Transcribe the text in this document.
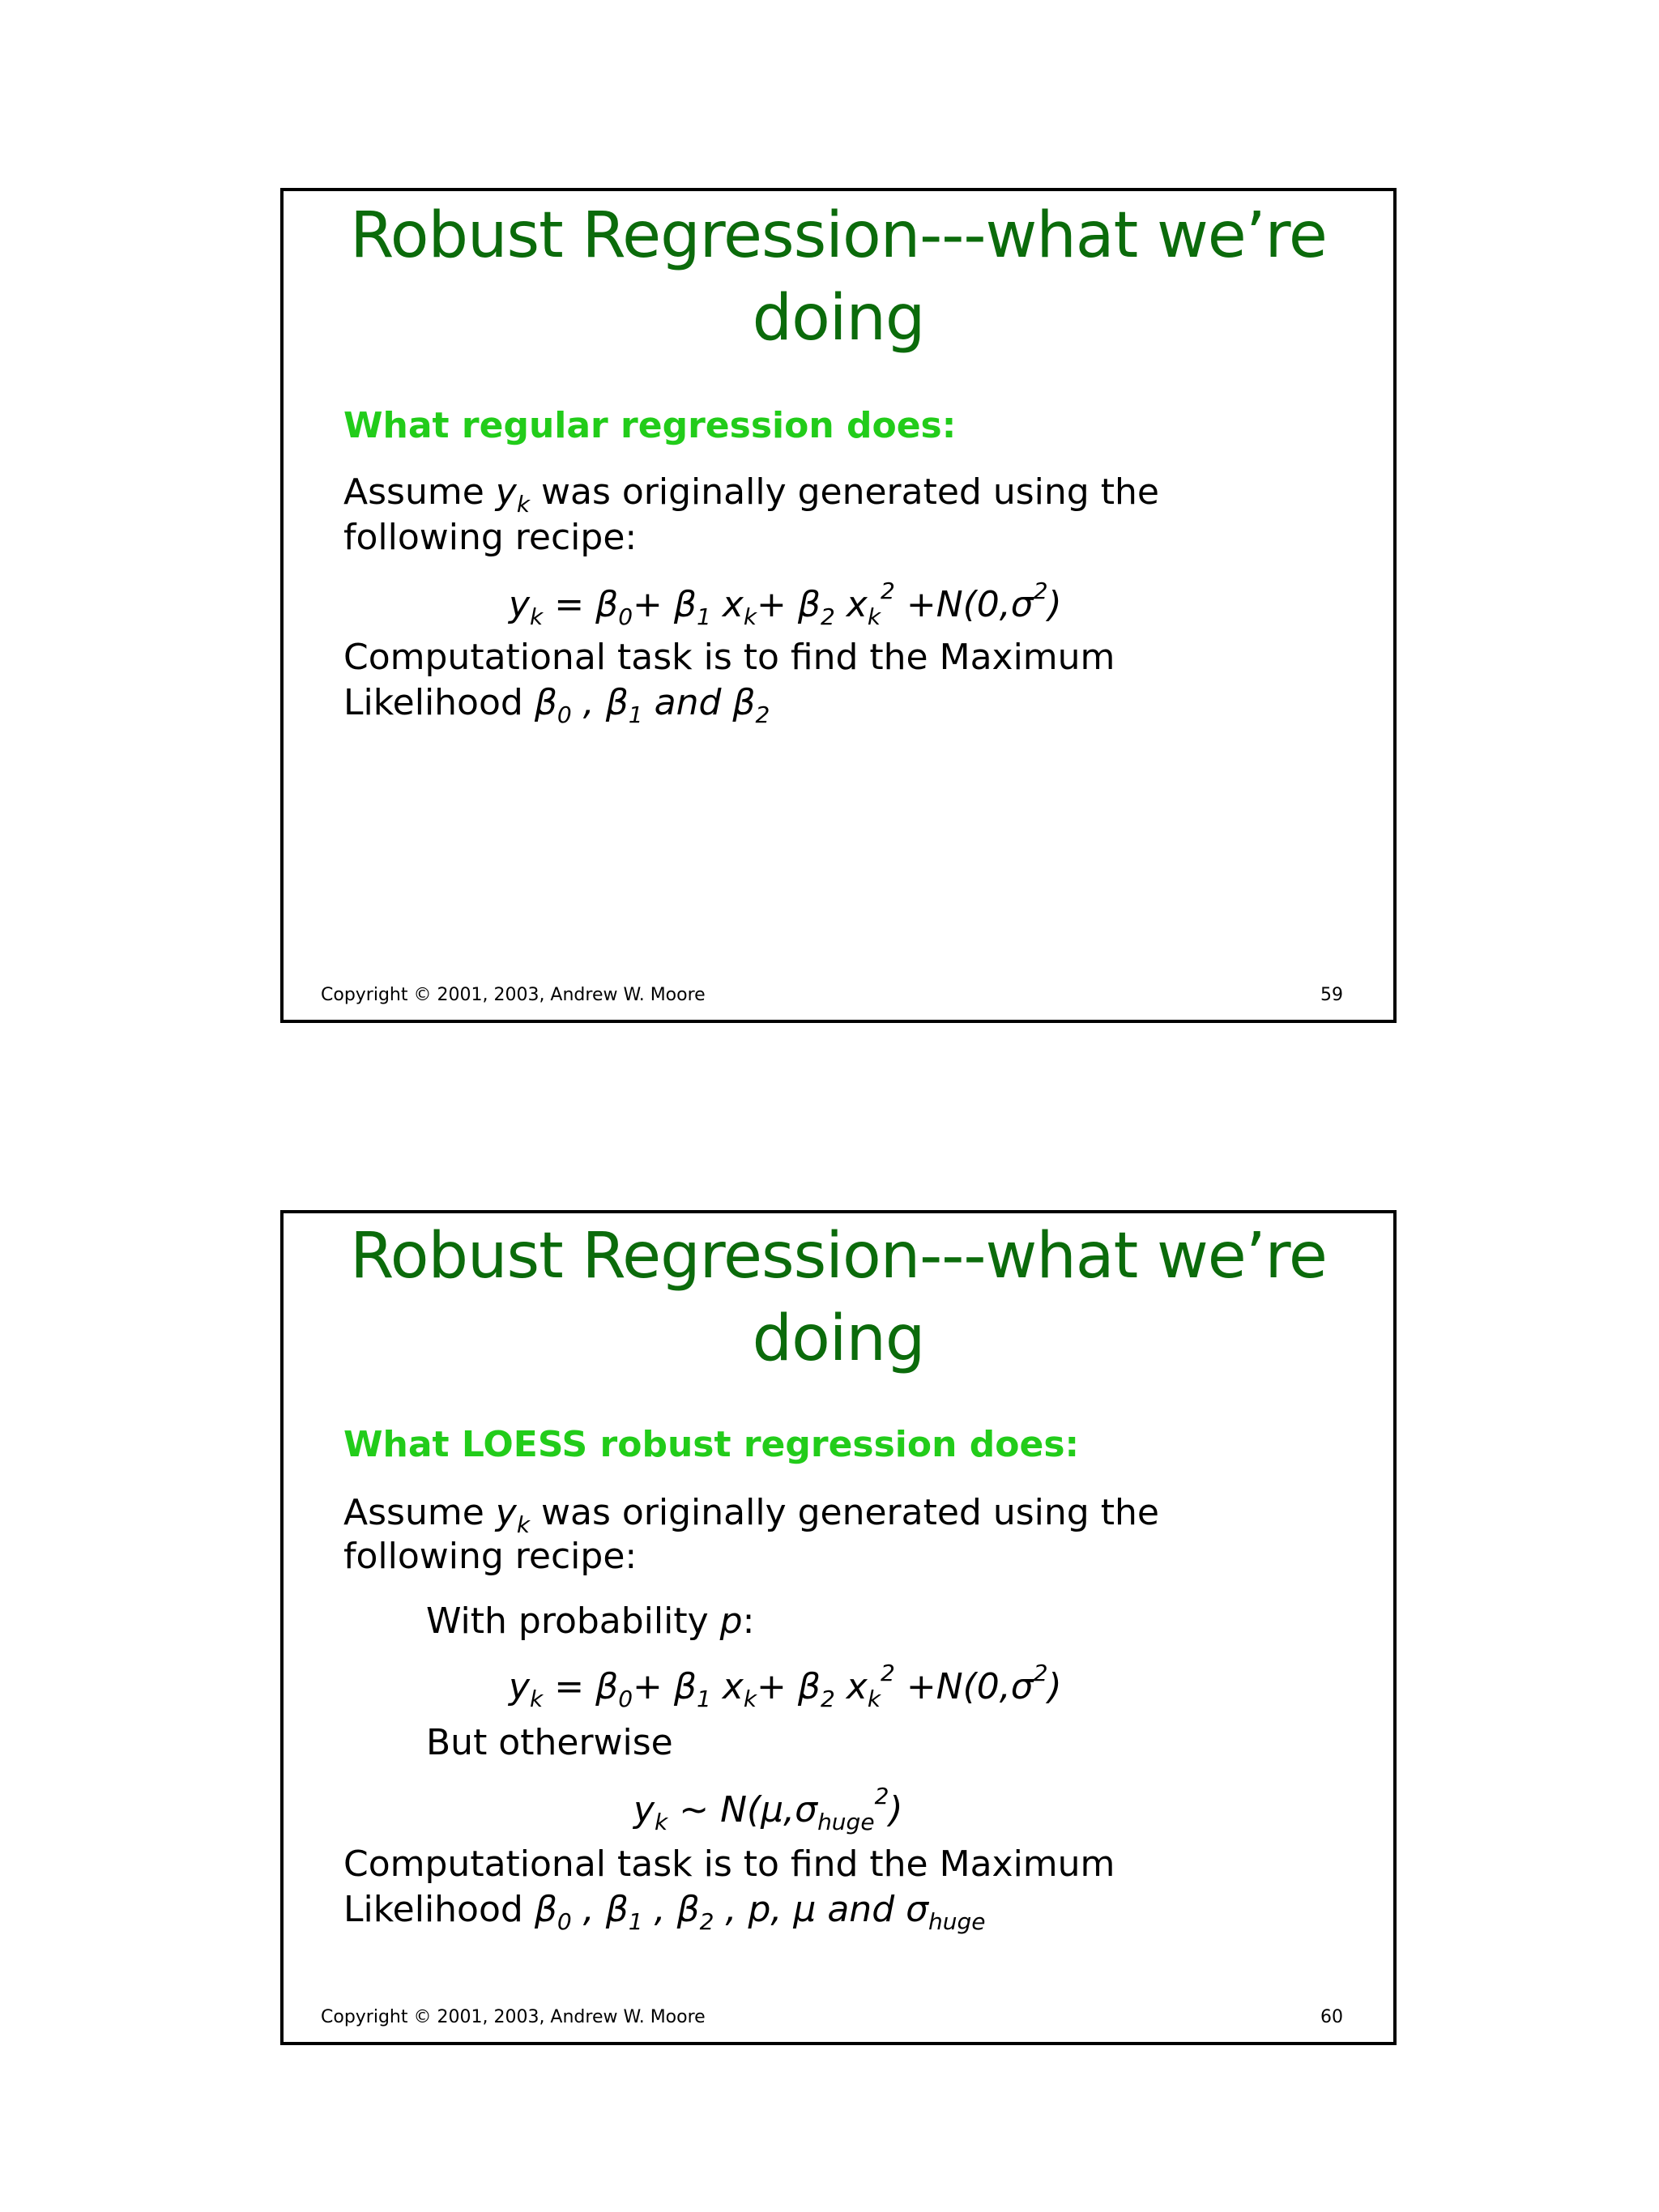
Robust Regression---what we’re
doing
What regular regression does:
Assume $y_k$ was originally generated using the
following recipe:
$y_k = \beta_0+ \beta_1$ $x_k+ \beta_2$ $x_k^2 +N(0,\sigma^2)$
Computational task is to find the Maximum
Likelihood $\beta_0$ , $\beta_1$ and $\beta_2$
Copyright © 2001, 2003, Andrew W. Moore	59
Robust Regression---what we’re
doing
What LOESS robust regression does:
Assume $y_k$ was originally generated using the
following recipe:
With probability p:
$y_k = \beta_0+ \beta_1$ $x_k+ \beta_2$ $x_k^2 +N(0,\sigma^2)$
But otherwise
$y_k$ ~ $N(\mu,\sigma_{huge}^2)$
Computational task is to find the Maximum
Likelihood $\beta_0$ , $\beta_1$ , $\beta_2$ , p, μ and $\sigma_{huge}$
Copyright © 2001, 2003, Andrew W. Moore	60
